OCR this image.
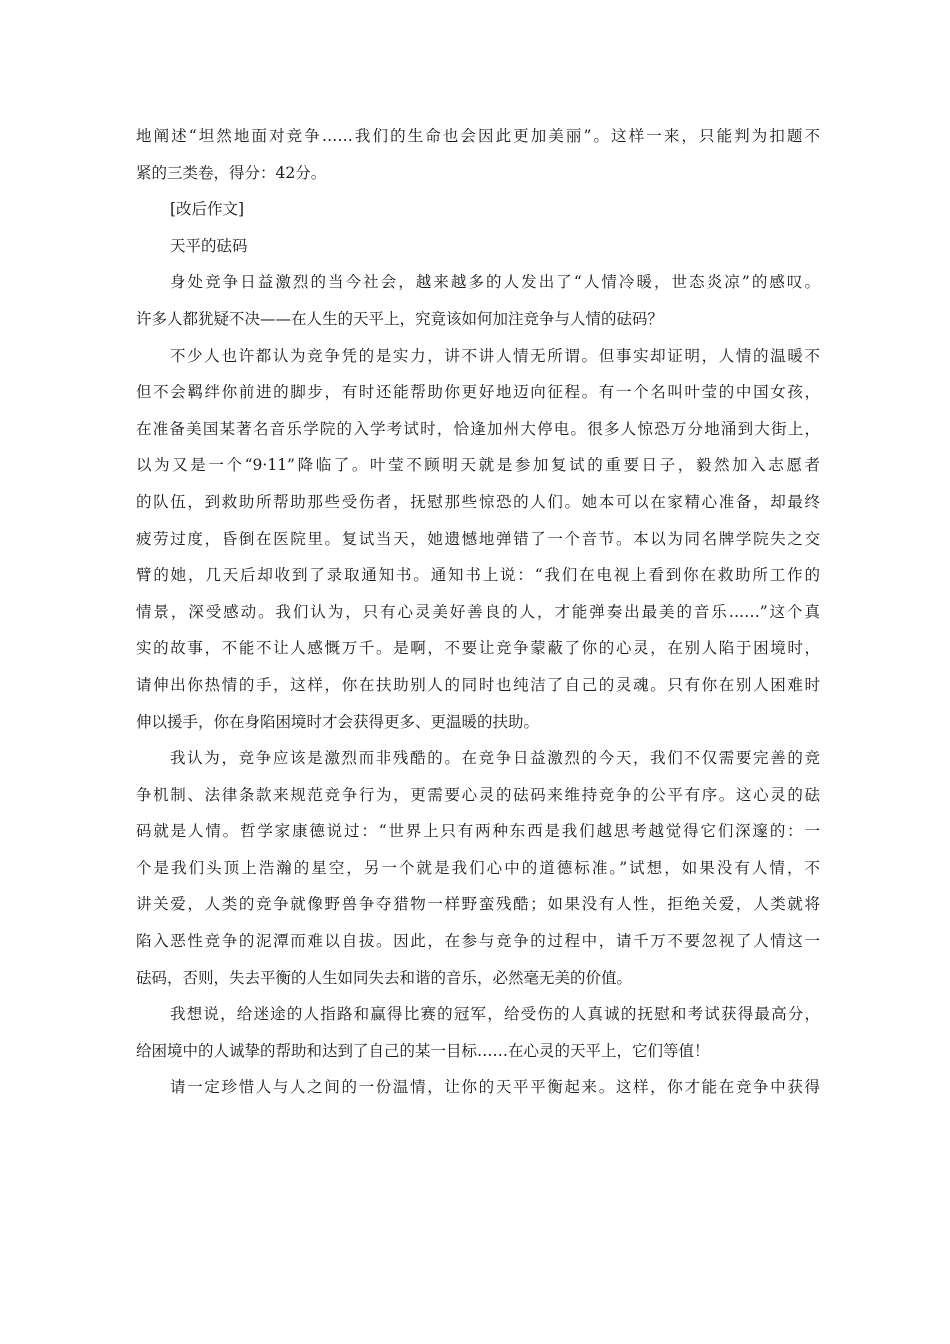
地阐述“坦然地面对竞争……我们的生命也会因此更加美丽”。这样一来，只能判为扣题不
紧的三类卷，得分：42分。
[改后作文]
天平的砝码
身处竞争日益激烈的当今社会，越来越多的人发出了“人情冷暖，世态炎凉”的感叹。
许多人都犹疑不决——在人生的天平上，究竟该如何加注竞争与人情的砝码？
不少人也许都认为竞争凭的是实力，讲不讲人情无所谓。但事实却证明，人情的温暖不
但不会羁绊你前进的脚步，有时还能帮助你更好地迈向征程。有一个名叫叶莹的中国女孩，
在准备美国某著名音乐学院的入学考试时，恰逢加州大停电。很多人惊恐万分地涌到大街上，
以为又是一个“9·11”降临了。叶莹不顾明天就是参加复试的重要日子，毅然加入志愿者
的队伍，到救助所帮助那些受伤者，抚慰那些惊恐的人们。她本可以在家精心准备，却最终
疲劳过度，昏倒在医院里。复试当天，她遗憾地弹错了一个音节。本以为同名牌学院失之交
臂的她，几天后却收到了录取通知书。通知书上说：“我们在电视上看到你在救助所工作的
情景，深受感动。我们认为，只有心灵美好善良的人，才能弹奏出最美的音乐……”这个真
实的故事，不能不让人感慨万千。是啊，不要让竞争蒙蔽了你的心灵，在别人陷于困境时，
请伸出你热情的手，这样，你在扶助别人的同时也纯洁了自己的灵魂。只有你在别人困难时
伸以援手，你在身陷困境时才会获得更多、更温暖的扶助。
我认为，竞争应该是激烈而非残酷的。在竞争日益激烈的今天，我们不仅需要完善的竞
争机制、法律条款来规范竞争行为，更需要心灵的砝码来维持竞争的公平有序。这心灵的砝
码就是人情。哲学家康德说过：“世界上只有两种东西是我们越思考越觉得它们深邃的：一
个是我们头顶上浩瀚的星空，另一个就是我们心中的道德标准。”试想，如果没有人情，不
讲关爱，人类的竞争就像野兽争夺猎物一样野蛮残酷；如果没有人性，拒绝关爱，人类就将
陷入恶性竞争的泥潭而难以自拔。因此，在参与竞争的过程中，请千万不要忽视了人情这一
砝码，否则，失去平衡的人生如同失去和谐的音乐，必然毫无美的价值。
我想说，给迷途的人指路和赢得比赛的冠军，给受伤的人真诚的抚慰和考试获得最高分，
给困境中的人诚挚的帮助和达到了自己的某一目标……在心灵的天平上，它们等值！
请一定珍惜人与人之间的一份温情，让你的天平平衡起来。这样，你才能在竞争中获得
